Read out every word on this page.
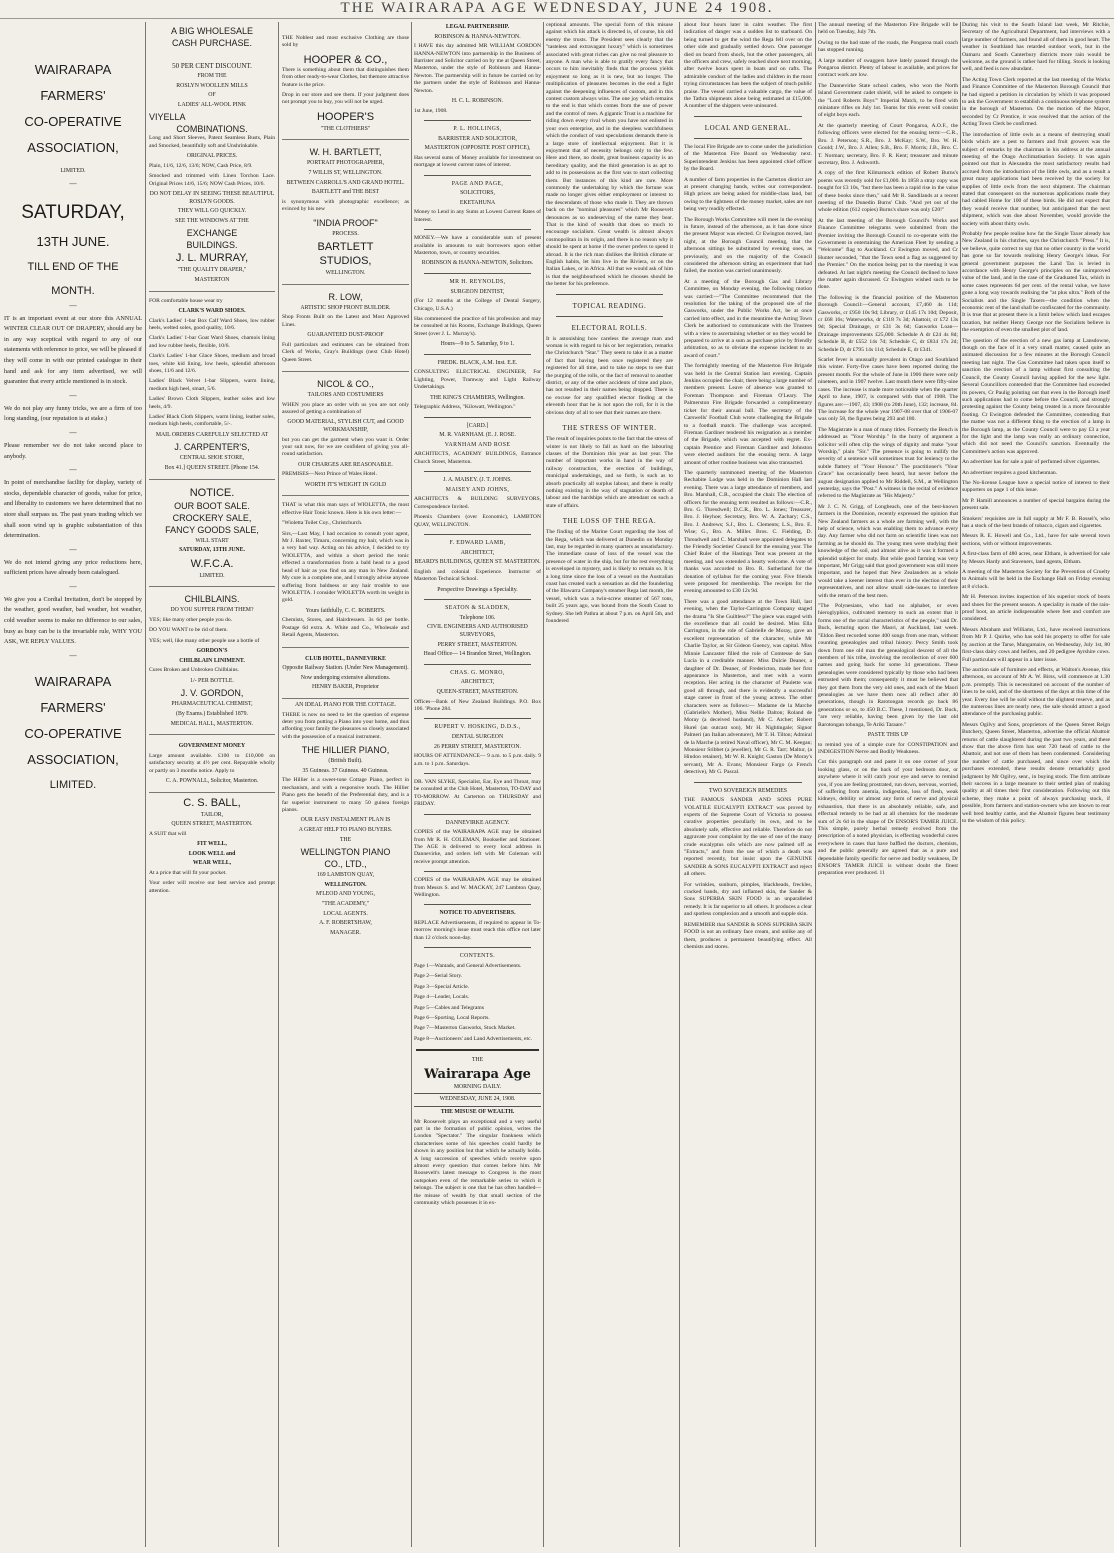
THE WAIRARAPA AGE WEDNESDAY, JUNE 24 1908.

WAIRARAPA

FARMERS'

CO-OPERATIVE

ASSOCIATION,

LIMITED.

—

SATURDAY,

13TH JUNE.

TILL END OF THE

MONTH.

—

IT is an important event at our store this ANNUAL WINTER CLEAR OUT OF DRAPERY, should any be in any way sceptical with regard to any of our statements with reference to price, we will be pleased if they will come in with our printed catalogue in their hand and ask for any item advertised, we will guarantee that every article mentioned is in stock.

—

We do not play any funny tricks, we are a firm of too long standing, (our reputation is at stake.)

—

Please remember we do not take second place to anybody.

—

In point of merchandise facility for display, variety of stocks, dependable character of goods, value for price, and liberality to customers we have determined that no store shall surpass us. The past years trading which we shall soon wind up is graphic substantiation of this determination.

—

We do not intend giving any price reductions here, sufficient prices have already been catalogued.

—

We give you a Cordial Invitation, don't be stopped by the weather, good weather, bad weather, hot weather, cold weather seems to make no difference to our sales, busy as busy can be is the invariable rule, WHY YOU ASK, WE REPLY VALUES.

—

WAIRARAPA

FARMERS'

CO-OPERATIVE

ASSOCIATION,

LIMITED.

A BIG WHOLESALE

CASH PURCHASE.

50 PER CENT DISCOUNT.

FROM THE

ROSLYN WOOLLEN MILLS

OF

LADIES' ALL-WOOL PINK

VIYELLA

COMBINATIONS.

Long and Short Sleeves, Patent Seamless Busts, Plain and Smocked, beautifully soft and Unshrinkable.

ORIGINAL PRICES.

Plain, 11/6, 12/6, 13/6; NOW, Cash Price, 8/9.

Smocked and trimmed with Linen Torchon Lace. Original Prices 14/6, 15/6; NOW Cash Prices, 10/6.

DO NOT DELAY IN SEEING THESE BEAUTIFUL ROSLYN GOODS.

THEY WILL GO QUICKLY.

SEE THE WINDOWS AT THE

EXCHANGE

BUILDINGS.

J. L. MURRAY,

"THE QUALITY DRAPER,"

MASTERTON

FOR comfortable house wear try

CLARK'S WARD SHOES.

Clark's Ladies' 1-bar Box Calf Ward Shoes, low rubber heels, welted soles, good quality, 10/6.

Clark's Ladies' 1-bar Goat Ward Shoes, chamois lining and low rubber heels, flexible, 10/6.

Clark's Ladies' 1-bar Glace Shoes, medium and broad toes, white kid lining, low heels, splendid afternoon shoes, 11/6 and 12/6.

Ladies' Black Velvet 1-bar Slippers, warm lining, medium high heel, smart, 5/6.

Ladies' Brown Cloth Slippers, leather soles and low heels, 4/9.

Ladies' Black Cloth Slippers, warm lining, leather soles, medium high heels, comfortable, 5/-.

MAIL ORDERS CAREFULLY SELECTED AT

J. CARPENTER'S,

CENTRAL SHOE STORE,

Box 41.] QUEEN STREET. [Phone 154.

NOTICE.

OUR BOOT SALE.

CROCKERY SALE,

FANCY GOODS SALE,

WILL START

SATURDAY, 13TH JUNE.

W.F.C.A.

LIMITED.

CHILBLAINS.

DO YOU SUFFER FROM THEM?

YES; like many other people you do.

DO YOU WANT to be rid of them.

YES; well, like many other people use a bottle of

GORDON'S

CHILBLAIN LINIMENT.

Cures Broken and Unbroken Chilblains.

1/- PER BOTTLE.

J. V. GORDON,

PHARMACEUTICAL CHEMIST,

(By Exams.) Established 1879.

MEDICAL HALL, MASTERTON.

GOVERNMENT MONEY

Large amount available. £100 to £10,000 on satisfactory security at 4½ per cent. Repayable wholly or partly on 3 months notice. Apply to

C. A. POWNALL, Solicitor, Masterton.

C. S. BALL,

TAILOR,

QUEEN STREET, MASTERTON.

A SUIT that will

FIT WELL,

LOOK WELL and

WEAR WELL,

At a price that will fit your pocket.

Your order will receive our best service and prompt attention.

THE Noblest and most exclusive Clothing are those sold by

HOOPER & CO.,

There is something about them that distinguishes them from other ready-to-wear Clothes, but themore attractive feature is the price.

Drop in our store and see them. If your judgment does not prompt you to buy, you will not be urged.

HOOPER'S

"THE CLOTHIERS"

W. H. BARTLETT,

PORTRAIT PHOTOGRAPHER,

7 WILLIS ST, WELLINGTON.

BETWEEN CARROLL'S AND GRAND HOTEL.

BARTLETT and THE BEST

is synonymous with photographic excellence; as evinced by his new

"INDIA PROOF"

PROCESS.

BARTLETT

STUDIOS,

WELLINGTON.

R. LOW,

ARTISTIC SHOP FRONT BUILDER.

Shop Fronts Built on the Latest and Most Approved Lines.

GUARANTEED DUST-PROOF

Full particulars and estimates can be obtained from Clerk of Works, Gray's Buildings (next Club Hotel) Queen Street.

NICOL & CO.,

TAILORS AND COSTUMIERS

WHEN you place an order with us you are not only assured of getting a combination of

GOOD MATERIAL, STYLISH CUT, and GOOD WORKMANSHIP,

but you can get the garment when you want it. Order your suit now, for we are confident of giving you all-round satisfaction.

OUR CHARGES ARE REASONABLE.

PREMISES—Next Prince of Wales Hotel.

WORTH IT'S WEIGHT IN GOLD

THAT is what this man says of WIOLETTA, the most effective Hair Tonic known. Here is his own letter:—

"Wioletta Toilet Coy., Christchurch.

Sirs,—Last May, I had occasion to consult your agent, Mr J. Baxter, Timaru, concerning my hair, which was in a very bad way. Acting on his advice, I decided to try WIOLETTA, and within a short period the tonic effected a transformation from a bald head to a good head of hair as you find on any man in New Zealand. My cure is a complete one, and I strongly advise anyone suffering from baldness or any hair trouble to use WIOLETTA. I consider WIOLETTA worth its weight in gold.

Yours faithfully, C. C. ROBERTS.

Chemists, Stores, and Hairdressers. 3s 6d per bottle. Postage 6d extra. A. White and Co., Wholesale and Retail Agents, Masterton.

CLUB HOTEL, DANNEVIRKE

Opposite Railway Station. (Under New Management).

Now undergoing extensive alterations.

HENRY BAKER, Proprietor

AN IDEAL PIANO FOR THE COTTAGE.

THERE is now no need to let the question of expense deter you from putting a Piano into your home, and thus affording your family the pleasures so closely associated with the possession of a musical instrument.

THE HILLIER PIANO,

(British Built).

35 Guineas. 37 Guineas. 40 Guineas.

The Hillier is a sweet-tone Cottage Piano, perfect in mechanism, and with a responsive touch. The Hillier Piano gets the benefit of the Preferential duty, and is a far superior instrument to many 50 guinea foreign pianos.

OUR EASY INSTALMENT PLAN IS

A GREAT HELP TO PIANO BUYERS.

THE

WELLINGTON PIANO

CO., LTD.,

169 LAMBTON QUAY,

WELLINGTON.

M'LEOD AND YOUNG,

"THE ACADEMY,"

LOCAL AGENTS.

A. F. ROBERTSHAW,

MANAGER.

LEGAL PARTNERSHIP.

ROBINSON & HANNA-NEWTON.

I HAVE this day admitted MR WILLIAM GORDON HANNA-NEWTON into partnership in the Business of Barrister and Solicitor carried on by me at Queen Street, Masterton, under the style of Robinson and Hanna-Newton. The partnership will in future be carried on by the partners under the style of Robinson and Hanna-Newton.

H. C. L. ROBINSON.

1st June, 1908.

P. L. HOLLINGS,

BARRISTER AND SOLICITOR,

MASTERTON (OPPOSITE POST OFFICE),

Has several sums of Money available for investment on mortgage at lowest current rates of interest.

PAGE AND PAGE,

SOLICITORS,

EKETAHUNA

Money to Lend in any Sums at Lowest Current Rates of Interest.

MONEY.—We have a considerable sum of present available in amounts to suit borrowers upon either Masterton, town, or country securities.

ROBINSON & HANNA-NEWTON, Solicitors.

MR H. REYNOLDS,

SURGEON DENTIST,

(For 12 months at the College of Dental Surgery, Chicago, U.S.A.)

Has commenced the practice of his profession and may be consulted at his Rooms, Exchange Buildings, Queen Street (over J. L. Murray's).

Hours—9 to 5. Saturday, 9 to 1.

FREDK. BLACK, A.M. Inst. E.E.

CONSULTING ELECTRICAL ENGINEER, For Lighting, Power, Tramway and Light Railway Undertakings.

THE KING'S CHAMBERS, Wellington.

Telegraphic Address, "Kilowatt, Wellington."

[CARD.]

M. R. VARNHAM. (E. J. ROSE.

VARNHAM AND ROSE

ARCHITECTS, ACADEMY BUILDINGS, Entrance Church Street, Masterton.

J. A. MAISEY. (J. T. JOHNS.

MAISEY AND JOHNS,

ARCHITECTS & BUILDING SURVEYORS, Correspondence Invited.

Phoenix Chambers (over Economic), LAMBTON QUAY, WELLINGTON.

F. EDWARD LAMB,

ARCHITECT,

BEARD'S BUILDINGS, QUEEN ST. MASTERTON.

English and colonial Experience. Instructor of Masterton Technical School.

Perspective Drawings a Speciality.

SEATON & SLADDEN,

Telephone 106.

CIVIL ENGINEERS AND AUTHORISED SURVEYORS,

PERRY STREET, MASTERTON.

Head Office— 14 Brandon Street, Wellington.

CHAS. G. MONRO,

ARCHITECT,

QUEEN-STREET, MASTERTON.

Offices—Bank of New Zealand Buildings. P.O. Box 106. 'Phone 284.

RUPERT V. HOSKING, D.D.S.,

DENTAL SURGEON

26 PERRY STREET, MASTERTON.

HOURS OF ATTENDANCE— 9 a.m. to 5 p.m. daily. 9 a.m. to 1 p.m. Saturdays.

DR. VAN SLYKE, Specialist, Ear, Eye and Throat, may be consulted at the Club Hotel, Masterton, TO-DAY and TO-MORROW. At Carterton on THURSDAY and FRIDAY.

DANNEVIRKE AGENCY.

COPIES of the WAIRARAPA AGE may be obtained from Mr R. H. COLEMAN, Bookseller and Stationer. The AGE is delivered to every local address in Dannevirke, and orders left with Mr Coleman will receive prompt attention.

COPIES of the WAIRARAPA AGE may be obtained from Messrs S. and W. MACKAY, 247 Lambton Quay, Wellington.

NOTICE TO ADVERTISERS.

REPLACE Advertisements, if required to appear in To-morrow morning's issue must reach this office not later than 12 o'clock noon-day.

CONTENTS.

Page 1—Wantads, and General Advertisements.

Page 2—Serial Story.

Page 3—Special Article.

Page 4—Leader, Locals.

Page 5—Cables and Telegrams

Page 6—Sporting, Local Reports.

Page 7—Masterton Gasworks, Stock Market.

Page 8—Auctioneers' and Land Advertisements, etc.

THE

Wairarapa Age

MORNING DAILY.

WEDNESDAY, JUNE 24, 1908.

THE MISUSE OF WEALTH.

Mr Roosevelt plays an exceptional and a very useful part in the formation of public opinion, writes the London "Spectator." The singular frankness which characterises some of his speeches could hardly be shown in any position but that which he actually holds. A long succession of speeches which receive upon almost every question that comes before him. Mr Roosevelt's latest message to Congress is the most outspoken even of the remarkable series to which it belongs. The subject is one that he has often handled—the misuse of wealth by that small section of the community which possesses it in ex-

ceptional amounts. The special form of this misuse against which his attack is directed is, of course, his old enemy the trusts. The President sees clearly that the "tasteless and extravagant luxury" which is sometimes associated with great riches can give no real pleasure to anyone. A man who is able to gratify every fancy that occurs to him inevitably finds that the process yields enjoyment so long as it is new, but no longer. The multiplication of pleasures becomes in the end a fight against the deepening influences of custom, and in this contest custom always wins. The one joy which remains to the end is that which comes from the use of power and the control of men. A gigantic Trust is a machine for riding down every rival whom you have not enlisted in your own enterprise, and in the sleepless watchfulness which the conduct of vast speculations demands there is a large store of intellectual enjoyment. But it is enjoyment that of necessity belongs only to the few. Here and there, no doubt, great business capacity is an hereditary quality, and the third generation is as apt to add to its possessions as the first was to start collecting them. But instances of this kind are rare. More commonly the undertaking by which the fortune was made no longer gives either employment or interest to the descendants of those who made it. They are thrown back on the "nominal pleasures" which Mr Roosevelt denounces as so undeserving of the name they bear. That is the kind of wealth that does so much to encourage socialism. Great wealth is almost always cosmopolitan in its origin, and there is no reason why it should be spent at home if the owner prefers to spend it abroad. It is the rich man dislikes the British climate or English habits, let him live in the Riviera, or on the Italian Lakes, or in Africa. All that we would ask of him is that the neighbourhood which he chooses should be the better for his preference.

TOPICAL READING.

ELECTORAL ROLLS.

It is astonishing how careless the average man and woman is with regard to his or her registration, remarks the Christchurch "Star." They seem to take it as a matter of fact that having been once registered they are registered for all time, and to take no steps to see that the purging of the rolls, or the fact of removal to another district, or any of the other accidents of time and place, has not resulted in their names being dropped. There is no excuse for any qualified elector finding at the eleventh hour that he is not upon the roll, for it is the obvious duty of all to see that their names are there.

THE STRESS OF WINTER.

The result of inquiries points to the fact that the stress of winter is not likely to fall as hard on the labouring classes of the Dominion this year as last year. The number of important works in hand in the way of railway construction, the erection of buildings, municipal undertakings, and so forth, is such as to absorb practically all surplus labour, and there is really nothing existing in the way of stagnation or dearth of labour and the hardships which are attendant on such a state of affairs.

THE LOSS OF THE REGA.

The finding of the Marine Court regarding the loss of the Rega, which was delivered at Dunedin on Monday last, may be regarded in many quarters as unsatisfactory. The immediate cause of loss of the vessel was the presence of water in the ship, but for the rest everything is enveloped in mystery, and is likely to remain so. It is a long time since the loss of a vessel on the Australian coast has created such a sensation as did the foundering of the Illawarra Company's steamer Rega last month, the vessel, which was a twin-screw steamer of 567 tons, built 25 years ago, was bound from the South Coast to Sydney. She left Pathra at about 7 p.m. on April 5th, and foundered

about four hours later in calm weather. The first indication of danger was a sudden list to starboard. On being turned to get the wind the Rega fell over on the other side and gradually settled down. One passenger died on board from shock, but the other passengers, all the officers and crew, safely reached shore next morning, after twelve hours spent in boats and on rafts. The admirable conduct of the ladies and children in the most trying circumstances has been the subject of much public praise. The vessel carried a valuable cargo, the value of the Tathra shipments alone being estimated at £15,000. A number of the shippers were uninsured.

LOCAL AND GENERAL.

The local Fire Brigade are to come under the jurisdiction of the Masterton Fire Board on Wednesday next. Superintendent Jenkins has been appointed chief officer by the Board.

A number of farm properties in the Carterton district are at present changing hands, writes our correspondent. High prices are being asked for middle-class land, but owing to the tightness of the money market, sales are not being very readily effected.

The Borough Works Committee will meet in the evening in future, instead of the afternoon, as it has done since the present Mayor was elected. Cr Ewington moved, last night, at the Borough Council meeting, that the afternoon sittings be substituted by evening ones, as previously, and on the majority of the Council considered the afternoon sitting an experiment that had failed, the motion was carried unanimously.

At a meeting of the Borough Gas and Library Committee, on Monday evening, the following motion was carried:—"The Committee recommend that the resolution for the taking of the proposed site of the Gasworks, under the Public Works Act, be at once carried into effect, and in the meantime the Acting Town Clerk be authorised to communicate with the Trustees with a view to ascertaining whether or no they would be prepared to arrive at a sum as purchase price by friendly arbitration, so as to obviate the expense incident to an award of court."

The fortnightly meeting of the Masterton Fire Brigade was held in the Central Station last evening. Captain Jenkins occupied the chair, there being a large number of members present. Leave of absence was granted to Foreman Thompson and Fireman O'Leary. The Palmerston Fire Brigade forwarded a complimentary ticket for their annual ball. The secretary of the Carswells' Football Club wrote challenging the Brigade to a football match. The challenge was accepted. Fireman Gardiner tendered his resignation as a member of the Brigade, which was accepted with regret. Ex-captain Prentice and Fireman Gardiner and Johnston were elected auditors for the ensuing term. A large amount of other routine business was also transacted.

The quarterly summoned meeting of the Masterton Rechabite Lodge was held in the Dominion Hall last evening. There was a large attendance of members, and Bro. Marshall, C.R., occupied the chair. The election of officers for the ensuing term resulted as follows:—C.R., Bro. G. Thresdwell; D.C.R., Bro. L. Jones; Treasurer, Bro. J. Heyhoe; Secretary, Bro. W. A. Zachary; C.S., Bro. J. Andrews; S.J., Bro. L. Clements; L.S., Bro. E. Wise; G., Bro. A. Miller. Bros. C. Fielding, D. Threadwell and C. Marshall were appointed delegates to the Friendly Societies' Council for the ensuing year. The Chief Ruler of the Hastings Tent was present at the meeting, and was extended a hearty welcome. A vote of thanks was accorded to Bro. R. Sutherland for the donation of syllabus for the coming year. Five friends were proposed for membership. The receipts for the evening amounted to £30 12s 9d.

There was a good attendance at the Town Hall, last evening, when the Taylor-Carrington Company staged the drama "Is She Guiltless?" The piece was staged with the excellence that all could be desired. Miss Ella Carrington, in the role of Gabrielle de Moray, gave an excellent representation of the character, while Mr Charlie Taylor, as Sir Gideon Guency, was capital. Miss Minnie Lancaster filled the role of Comtesse de San Lucia in a creditable manner. Miss Dulcie Deaner, a daughter of Dr. Deaner, of Fredericton, made her first appearance in Masterton, and met with a warm reception. Her acting in the character of Paulette was good all through, and there is evidently a successful stage career in front of the young actress. The other characters were as follows:— Madame de la Marche (Gabrielle's Mother), Miss Nellie Dalton; Roland de Moray (a deceived husband), Mr C. Archer; Robert Hurel (an outcast son), Mr H. Nightingale; Signor Palmeri (an Italian adventurer), Mr T. H. Tilton; Admiral de la Marche (a retired Naval officer), Mr C. M. Keegan; Monsieur Sribbet (a jeweller), Mr G. R. Tarr; Maltur, (a Hindoo retainer), Mr W. R. Knight; Gaston (De Moray's servant), Mr A. Evans; Monsieur Fargo (a French detective), Mr G. Pascal.

TWO SOVEREIGN REMEDIES

THE FAMOUS SANDER AND SONS PURE VOLATILE EUCALYPTI EXTRACT was proved by experts of the Supreme Court of Victoria to possess curative properties peculiarly its own, and to be absolutely safe, effective and reliable. Therefore do not aggravate your complaint by the use of one of the many crude eucalyptus oils which are now palmed off as "Extracts," and from the use of which a death was reported recently, but insist upon the GENUINE SANDER & SONS EUCALYPTI EXTRACT and reject all others.

For wrinkles, sunburn, pimples, blackheads, freckles, cracked hands, dry and inflamed skin, the Sander & Sons SUPERBA SKIN FOOD is an unparalleled remedy. It is far superior to all others. It produces a clear and spotless complexion and a smooth and supple skin.

REMEMBER that SANDER & SONS SUPERBA SKIN FOOD is not an ordinary face cream, and unlike any of them, produces a permanent beautifying effect. All chemists and stores.

The annual meeting of the Masterton Fire Brigade will be held on Tuesday, July 7th.

Owing to the bad state of the roads, the Pongaroa mail coach has stopped running.

A large number of swaggers have lately passed through the Pongaroa district. Plenty of labour is available, and prices for contract work are low.

The Dannevirke State school cadets, who won the North Island Government cadet shield, will be asked to compete in the "Lord Roberts Boys'" Imperial Match, to be fired with miniature rifles on July 1st. Teams for this event will consist of eight boys each.

At the quarterly meeting of Court Pongaroa, A.O.F., the following officers were elected for the ensuing term:—C.R., Bro. J. Peterson; S.R., Bro. J. McKay; S.W., Bro. W. H. Gould; J.W., Bro. J. Allen; S.B., Bro. F. Morris; J.B., Bro. C. T. Norman; secretary, Bro. F. R. Kent; treasurer and minute secretary, Bro. J. Ashworth.

A copy of the first Kilmarnock edition of Robert Burns's poems was recently sold for £1,000. In 1858 a stray copy was bought for £3 10s, "but there has been a rapid rise in the value of these books since then," said Mr R. Sandilands at a recent meeting of the Dunedin Burns' Club. "And yet out of the whole edition (612 copies) Burns's share was only £20!"

At the last meeting of the Borough Council's Works and Finance Committee telegrams were submitted from the Premier inviting the Borough Council to co-operate with the Government in entertaining the American Fleet by sending a "Welcome" flag to Auckland. Cr Ewington moved, and Cr Hunter seconded, "that the Town send a flag as suggested by the Premier." On the motion being put to the meeting it was defeated. At last night's meeting the Council declined to have the matter again discussed. Cr Ewington wished such to be done.

The following is the financial position of the Masterton Borough Council:—General account, £7,460 4s 11d; Gasworks, cr £950 10s 9d; Library, cr £145 17s 10d; Deposit, cr £68 16s; Waterworks, dr £118 7s 3d; Abattoir, cr £72 13s 9d; Special Drainage, cr £31 3s 6d; Gasworks Loan—Drainage improvements £25,000. Schedule A dr £24 4s 8d; Schedule B, dr £552 14s 7d; Schedule C, dr £834 17s 2d; Schedule D, dr £795 14s 11d; Schedule E, dr £341.

Scarlet fever is unusually prevalent in Otago and Southland this winter. Forty-five cases have been reported during the present month. For the whole of June in 1906 there were only nineteen, and in 1907 twelve. Last month there were fifty-nine cases. The increase is made more noticeable when the quarter April to June, 1907, is compared with that of 1908. The figures are:—1907, 43; 1908 (to 20th June), 132; increase, 84. The increase for the whole year 1907-08 over that of 1906-07 was only 58, the figures being 293 and 180.

The Magistrate is a man of many titles. Formerly the Bench is addressed as "Your Worship." In the hurry of argument a solicitor will often clip the wings of dignity and make "your Worship," plain "Sir." The presence is going to nullify the severity of a sentence will sometimes trust for leniency to the subtle flattery of "Your Honour." The practitioner's "Your Grace" has occasionally been heard, but never before the august designation applied to Mr Riddell, S.M., at Wellington yesterday, says the "Post." A witness in the recital of evidence referred to the Magistrate as "His Majesty."

Mr J. C. N. Grigg, of Longbeach, one of the best-known farmers in the Dominion, recently expressed the opinion that New Zealand farmers as a whole are farming well, with the help of science, which was enabling them to advance every day. Any farmer who did not farm on scientific lines was not farming as he should do. The young men were studying their knowledge of the soil, and almost alive as it was it formed a splendid subject for study. But while good farming was very important, Mr Grigg said that good government was still more important, and he hoped that New Zealanders as a whole would take a keener interest than ever in the election of their representatives, and not allow small side-issues to interfere with the return of the best men.

"The Polynesians, who had no alphabet, or even hieroglyphics, cultivated memory to such an extent that it forms one of the racial characteristics of the people," said Dr. Buck, lecturing upon the Maori, at Auckland, last week. "Eldon Best recorded some 400 songs from one man, without counting genealogies and tribal history. Percy Smith took down from one old man the genealogical descent of all the members of his tribe, involving the recollection of over 600 names and going back for some 34 generations. These genealogies were considered typically by those who had been entrusted with them; consequently it must be believed that they got them from the very old ones, and each of the Maori genealogies as we have them now all reflect after 40 generations, though in Rarotongan records go back 86 generations or so, to 450 B.C. These, I mentioned, Dr. Buck, "are very reliable, having been given by the last old Rarotongan tohunga, Te Ariki Taraare."

PASTE THIS UP

to remind you of a simple cure for CONSTIPATION and INDIGESTION Nerve and Bodily Weakness.

Cut this paragraph out and paste it on one corner of your looking glass, or on the back of your bedroom door, or anywhere where it will catch your eye and serve to remind you, if you are feeling prostrated, run down, nervous, worried, of suffering from anemia, indigestion, loss of flesh, weak kidneys, debility or almost any form of nerve and physical exhaustion, that there is an absolutely reliable, safe, and effectual remedy to be had at all chemists for the moderate sum of 2s 6d in the shape of Dr ENSOR'S TAMER JUICE. This simple, purely herbal remedy evolved from the prescription of a noted physician, is effecting wonderful cures everywhere in cases that have baffled the doctors, chemists, and the public generally are agreed that as a pure and dependable family specific for nerve and bodily weakness, Dr ENSOR'S TAMER JUICE is without doubt the finest preparation ever produced. 11

During his visit to the South Island last week, Mr Ritchie, Secretary of the Agricultural Department, had interviews with a large number of farmers, and found all of them in good heart. The weather in Southland has retarded outdoor work, but in the Oamaru and South Canterbury districts more rain would be welcome, as the ground is rather hard for tilling. Stock is looking well, and feed is now abundant.

The Acting Town Clerk reported at the last meeting of the Works and Finance Committee of the Masterton Borough Council that he had signed a petition in circulation by which it was proposed to ask the Government to establish a continuous telephone system in the borough of Masterton. On the motion of the Mayor, seconded by Cr Prentice, it was resolved that the action of the Acting Town Clerk be confirmed.

The introduction of little owls as a means of destroying small birds which are a pest to farmers and fruit growers was the subject of remarks by the chairman in his address at the annual meeting of the Otago Acclimatisation Society. It was again pointed out that in Alexandra the most satisfactory results had accrued from the introduction of the little owls, and as a result a great many applications had been received by the society for supplies of little owls from the next shipment. The chairman stated that consequent on the numerous applications made they had cabled Home for 100 of these birds. He did not expect that they would receive that number, but anticipated that the next shipment, which was due about November, would provide the society with about thirty owls.

Probably few people realise how far the Single Taxer already has New Zealand in his clutches, says the Christchurch "Press." It is, we believe, quite correct to say that no other country in the world has gone so far towards realising Henry George's ideas. For general government purposes the Land Tax is levied in accordance with Henry George's principles on the unimproved value of the land, and in the case of the Graduated Tax, which in some cases represents 6d per cent. of the rental value, we have gone a long way towards realising the "at plus ultra." Both of the Socialists and the Single Taxers—the condition when the economic rent of the land shall be confiscated for the community. It is true that at present there is a limit below which land escapes taxation, but neither Henry George nor the Socialists believe in the exemption of even the smallest plot of land.

The question of the erection of a new gas lamp at Lansdowne, though on the face of it a very small matter, caused quite an animated discussion for a few minutes at the Borough Council meeting last night. The Gas Committee had taken upon itself to sanction the erection of a lamp without first consulting the Council, the County Council having applied for the new light. Several Councillors contended that the Committee had exceeded its powers, Cr Paulig pointing out that even in the Borough itself such applications had to come before the Council, and strongly protesting against the County being treated in a more favourable footing. Cr Ewington defended the Committee, contending that the matter was not a different thing to the erection of a lamp in the Borough lamp, as the County Council were to pay £3 a year for the light and the lamp was really an ordinary connection, which did not need the Council's sanction. Eventually the Committee's action was approved.

An advertiser has for sale a pair of perfumed silver cigarettes.

An advertiser requires a good kitchenman.

The No-license League have a special notice of interest to their supporters on page 1 of this issue.

Mr P. Hamill announces a number of special bargains during the present sale.

Smokers' requisites are in full supply at Mr F. B. Rossel's, who has a stock of the best brands of tobacco, cigars and cigarettes.

Messrs R. E. Howell and Co., Ltd., have for sale several town sections, with or without improvements.

A first-class farm of 480 acres, near Eltham, is advertised for sale by Messrs Hardy and Staveners, land agents, Eltham.

A meeting of the Masterton Society for the Prevention of Cruelty to Animals will be held in the Exchange Hall on Friday evening at 8 o'clock.

Mr H. Peterson invites inspection of his superior stock of boots and shoes for the present season. A speciality is made of the rain-proof boot, an article indispensable where feet and comfort are considered.

Messrs Abraham and Williams, Ltd., have received instructions from Mr P. J. Quirke, who has sold his property to offer for sale by auction at the Tarse, Mangamaire, on Wednesday, July 1st, 80 first-class dairy cows and heifers, and 20 pedigree Ayrshire cows. Full particulars will appear in a later issue.

The auction sale of furniture and effects, at Walton's Avenue, this afternoon, on account of Mr A. W. Birss, will commence at 1.30 p.m. promptly. This is necessitated on account of the number of lines to be sold, and of the shortness of the days at this time of the year. Every line will be sold without the slightest reserve, and as the numerous lines are nearly new, the sale should attract a good attendance of the purchasing public.

Messrs Ogilvy and Sons, proprietors of the Queen Street Reign Butchery, Queen Street, Masterton, advertise the official Abattoir returns of cattle slaughtered during the past two years, and these show that the above firm has sent 720 head of cattle to the Abattoir, and not one of them has been condemned. Considering the number of cattle purchased, and since over which the purchases extended, these results denote remarkably good judgment by Mr Ogilvy, senr., in buying stock. The firm attribute their success in a large measure to their settled plan of making quality at all times their first consideration. Following out this scheme, they make a point of always purchasing stock, if possible, from farmers and station-owners who are known to rear well bred healthy cattle, and the Abattoir figures bear testimony to the wisdom of this policy.
